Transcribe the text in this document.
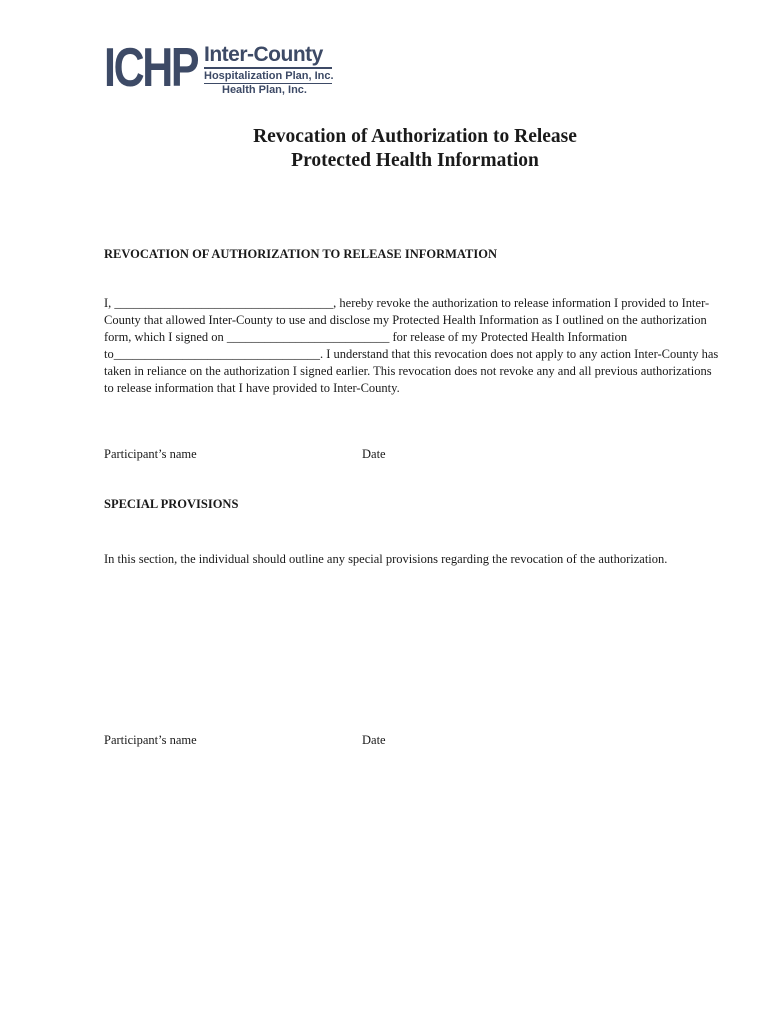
ICHP Inter-County
Hospitalization Plan, Inc.
Health Plan, Inc.
Revocation of Authorization to Release
Protected Health Information
REVOCATION OF AUTHORIZATION TO RELEASE INFORMATION
I, ___________________________________, hereby revoke the authorization to release information I provided to Inter-
County that allowed Inter-County to use and disclose my Protected Health Information as I outlined on the authorization
form, which I signed on __________________________ for release of my Protected Health Information
to_________________________________. I understand that this revocation does not apply to any action Inter-County has
taken in reliance on the authorization I signed earlier. This revocation does not revoke any and all previous authorizations
to release information that I have provided to Inter-County.
Participant’s name	Date
SPECIAL PROVISIONS
In this section, the individual should outline any special provisions regarding the revocation of the authorization.
Participant’s name	Date
